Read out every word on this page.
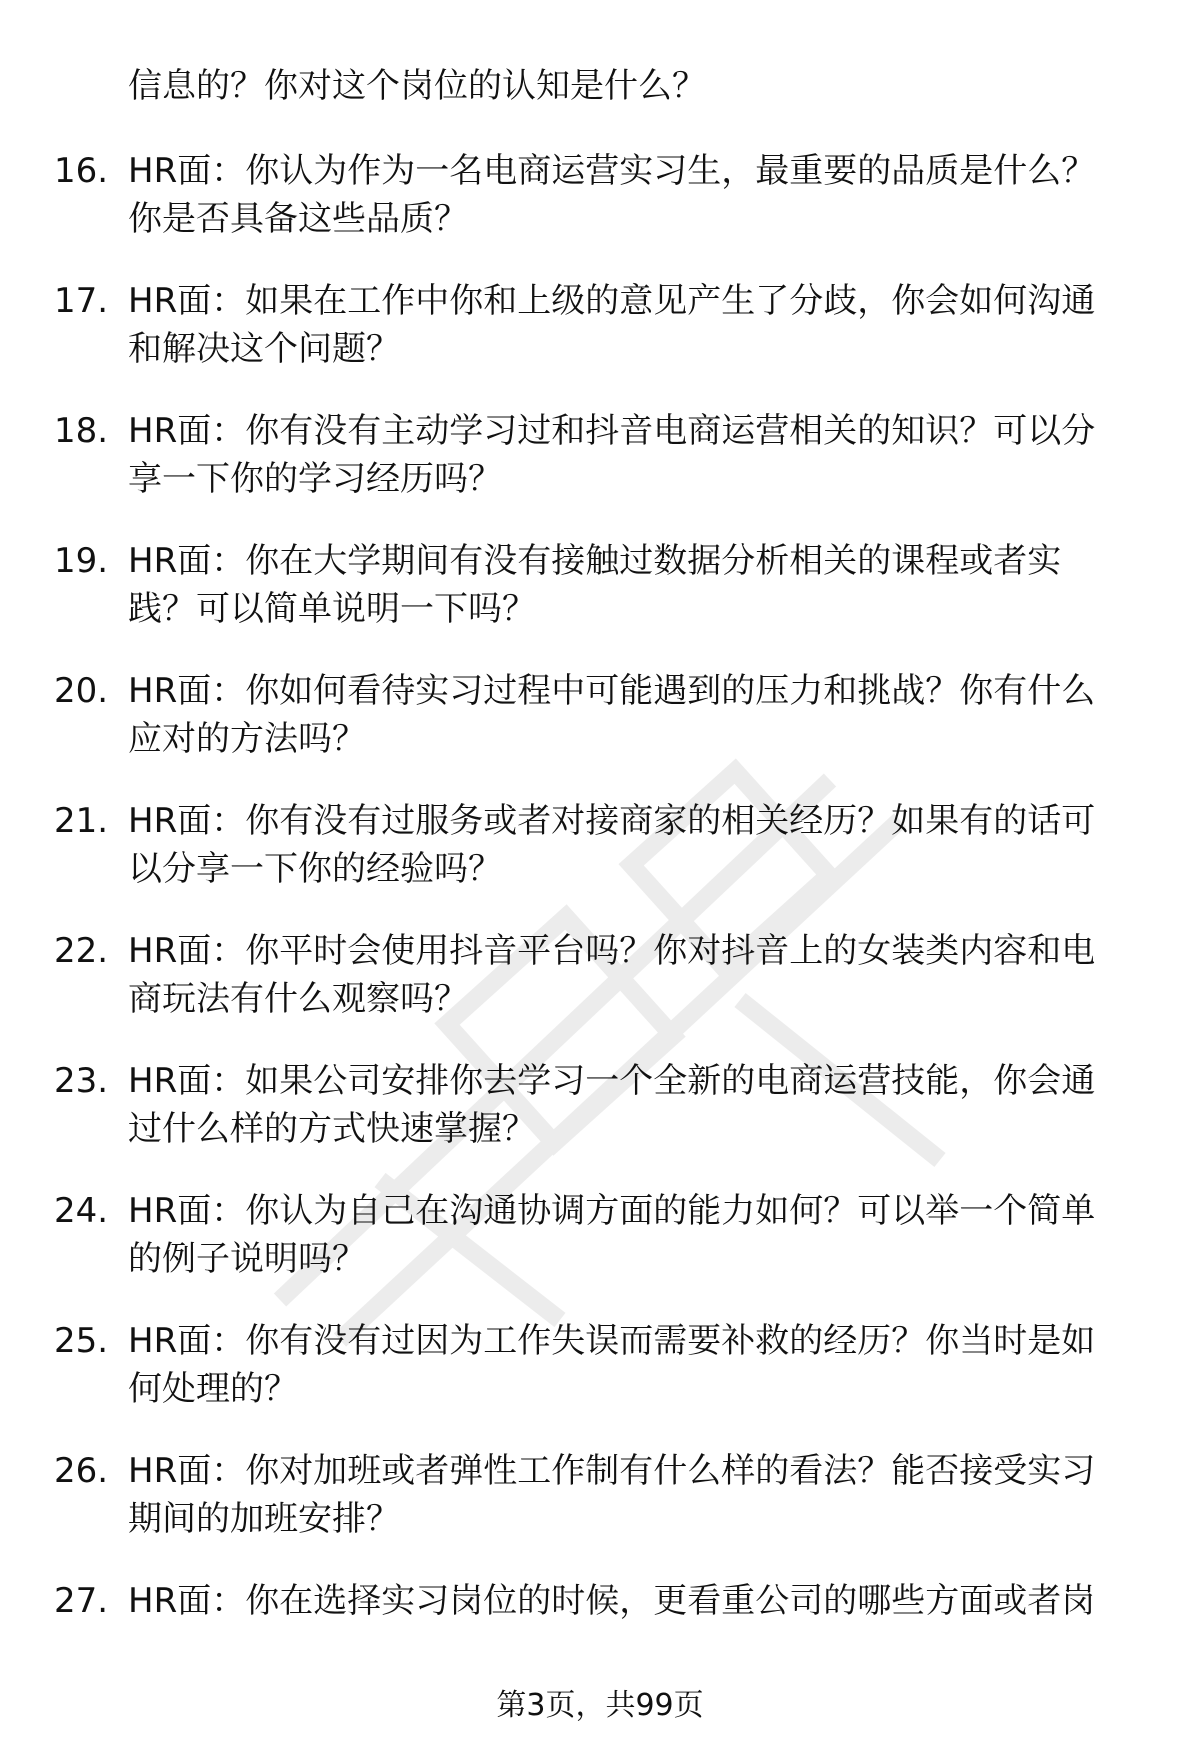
信息的？你对这个岗位的认知是什么？
16. HR面：你认为作为一名电商运营实习生，最重要的品质是什么？
你是否具备这些品质？
17. HR面：如果在工作中你和上级的意见产生了分歧，你会如何沟通
和解决这个问题？
18. HR面：你有没有主动学习过和抖音电商运营相关的知识？可以分
享一下你的学习经历吗？
19. HR面：你在大学期间有没有接触过数据分析相关的课程或者实
践？可以简单说明一下吗？
20. HR面：你如何看待实习过程中可能遇到的压力和挑战？你有什么
应对的方法吗？
21. HR面：你有没有过服务或者对接商家的相关经历？如果有的话可
以分享一下你的经验吗？
22. HR面：你平时会使用抖音平台吗？你对抖音上的女装类内容和电
商玩法有什么观察吗？
23. HR面：如果公司安排你去学习一个全新的电商运营技能，你会通
过什么样的方式快速掌握？
24. HR面：你认为自己在沟通协调方面的能力如何？可以举一个简单
的例子说明吗？
25. HR面：你有没有过因为工作失误而需要补救的经历？你当时是如
何处理的？
26. HR面：你对加班或者弹性工作制有什么样的看法？能否接受实习
期间的加班安排？
27. HR面：你在选择实习岗位的时候，更看重公司的哪些方面或者岗
第3页，共99页
